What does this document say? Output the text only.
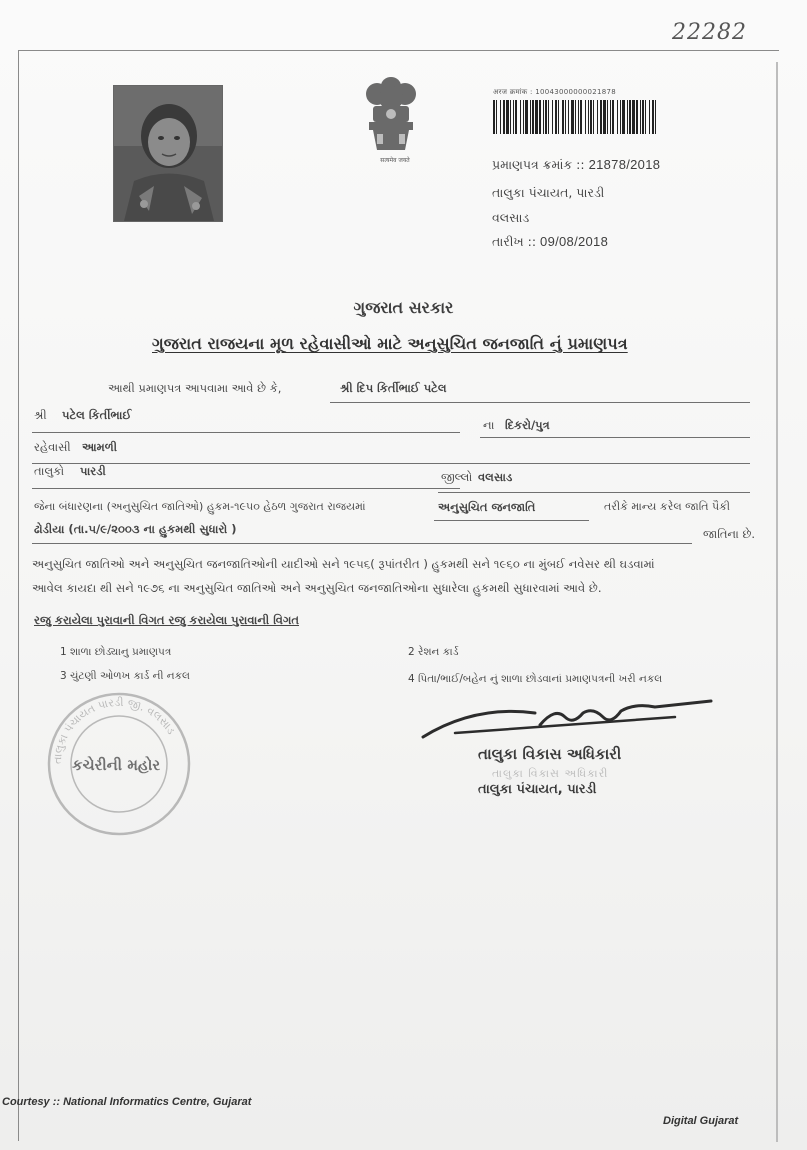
22282
सत्यमेव जयते
अरज क्रमांक : 10043000000021878
પ્રમાણપત્ર ક્રમાંક :: 21878/2018
તાલુકા પંચાયત, પારડી
વલસાડ
તારીખ :: 09/08/2018
ગુજરાત સરકાર
ગુજરાત રાજયના મૂળ રહેવાસીઓ માટે અનુસુચિત જનજાતિ નું પ્રમાણપત્ર
આથી પ્રમાણપત્ર આપવામા આવે છે કે,	શ્રી દિપ કિર્તીભાઈ પટેલ
શ્રી પટેલ કિર્તીભાઈ
ના દિકરો/પુત્ર
રહેવાસી આમળી
તાલુકો પારડી	જીલ્લો વલસાડ
જેના બંધારણના (અનુસુચિત જાતિઓ) હુકમ-૧૯૫૦ હેઠળ ગુજરાત રાજયમાં	અનુસુચિત જનજાતિ	તરીકે માન્ય કરેલ જાતિ પૈકી
ઢોડીયા (તા.૫/૯/૨૦૦૩ ના હુકમથી સુધારો )	જાતિના છે.
અનુસુચિત જાતિઓ અને અનુસુચિત જનજાતિઓની યાદીઓ સને ૧૯૫૬( રૂપાંતરીત ) હુકમથી સને ૧૯૬૦ ના મુંબઈ નવેસર થી ઘડવામાં
આવેલ કાયદા થી સને ૧૯૭૬ ના અનુસુચિત જાતિઓ અને અનુસુચિત જનજાતિઓના સુધારેલા હુકમથી સુધારવામાં આવે છે.
રજુ કરાયેલા પુરાવાની વિગત રજુ કરાયેલા પુરાવાની વિગત
1 શાળા છોડ્યાનુ પ્રમાણપત્ર	2 રેશન કાર્ડ
3 ચુંટણી ઓળખ કાર્ડ ની નકલ	4 પિતા/ભાઈ/બહેન નું શાળા છોડવાનાં પ્રમાણપત્રની ખરી નકલ
તાલુકા પંચાયત પારડી જી. વલસાડ
કચેરીની મહોર
તાલુકા વિકાસ અધિકારી
તાલુકા વિકાસ અધિકારી
તાલુકા પંચાયત, પારડી
Courtesy :: National Informatics Centre, Gujarat
Digital Gujarat
